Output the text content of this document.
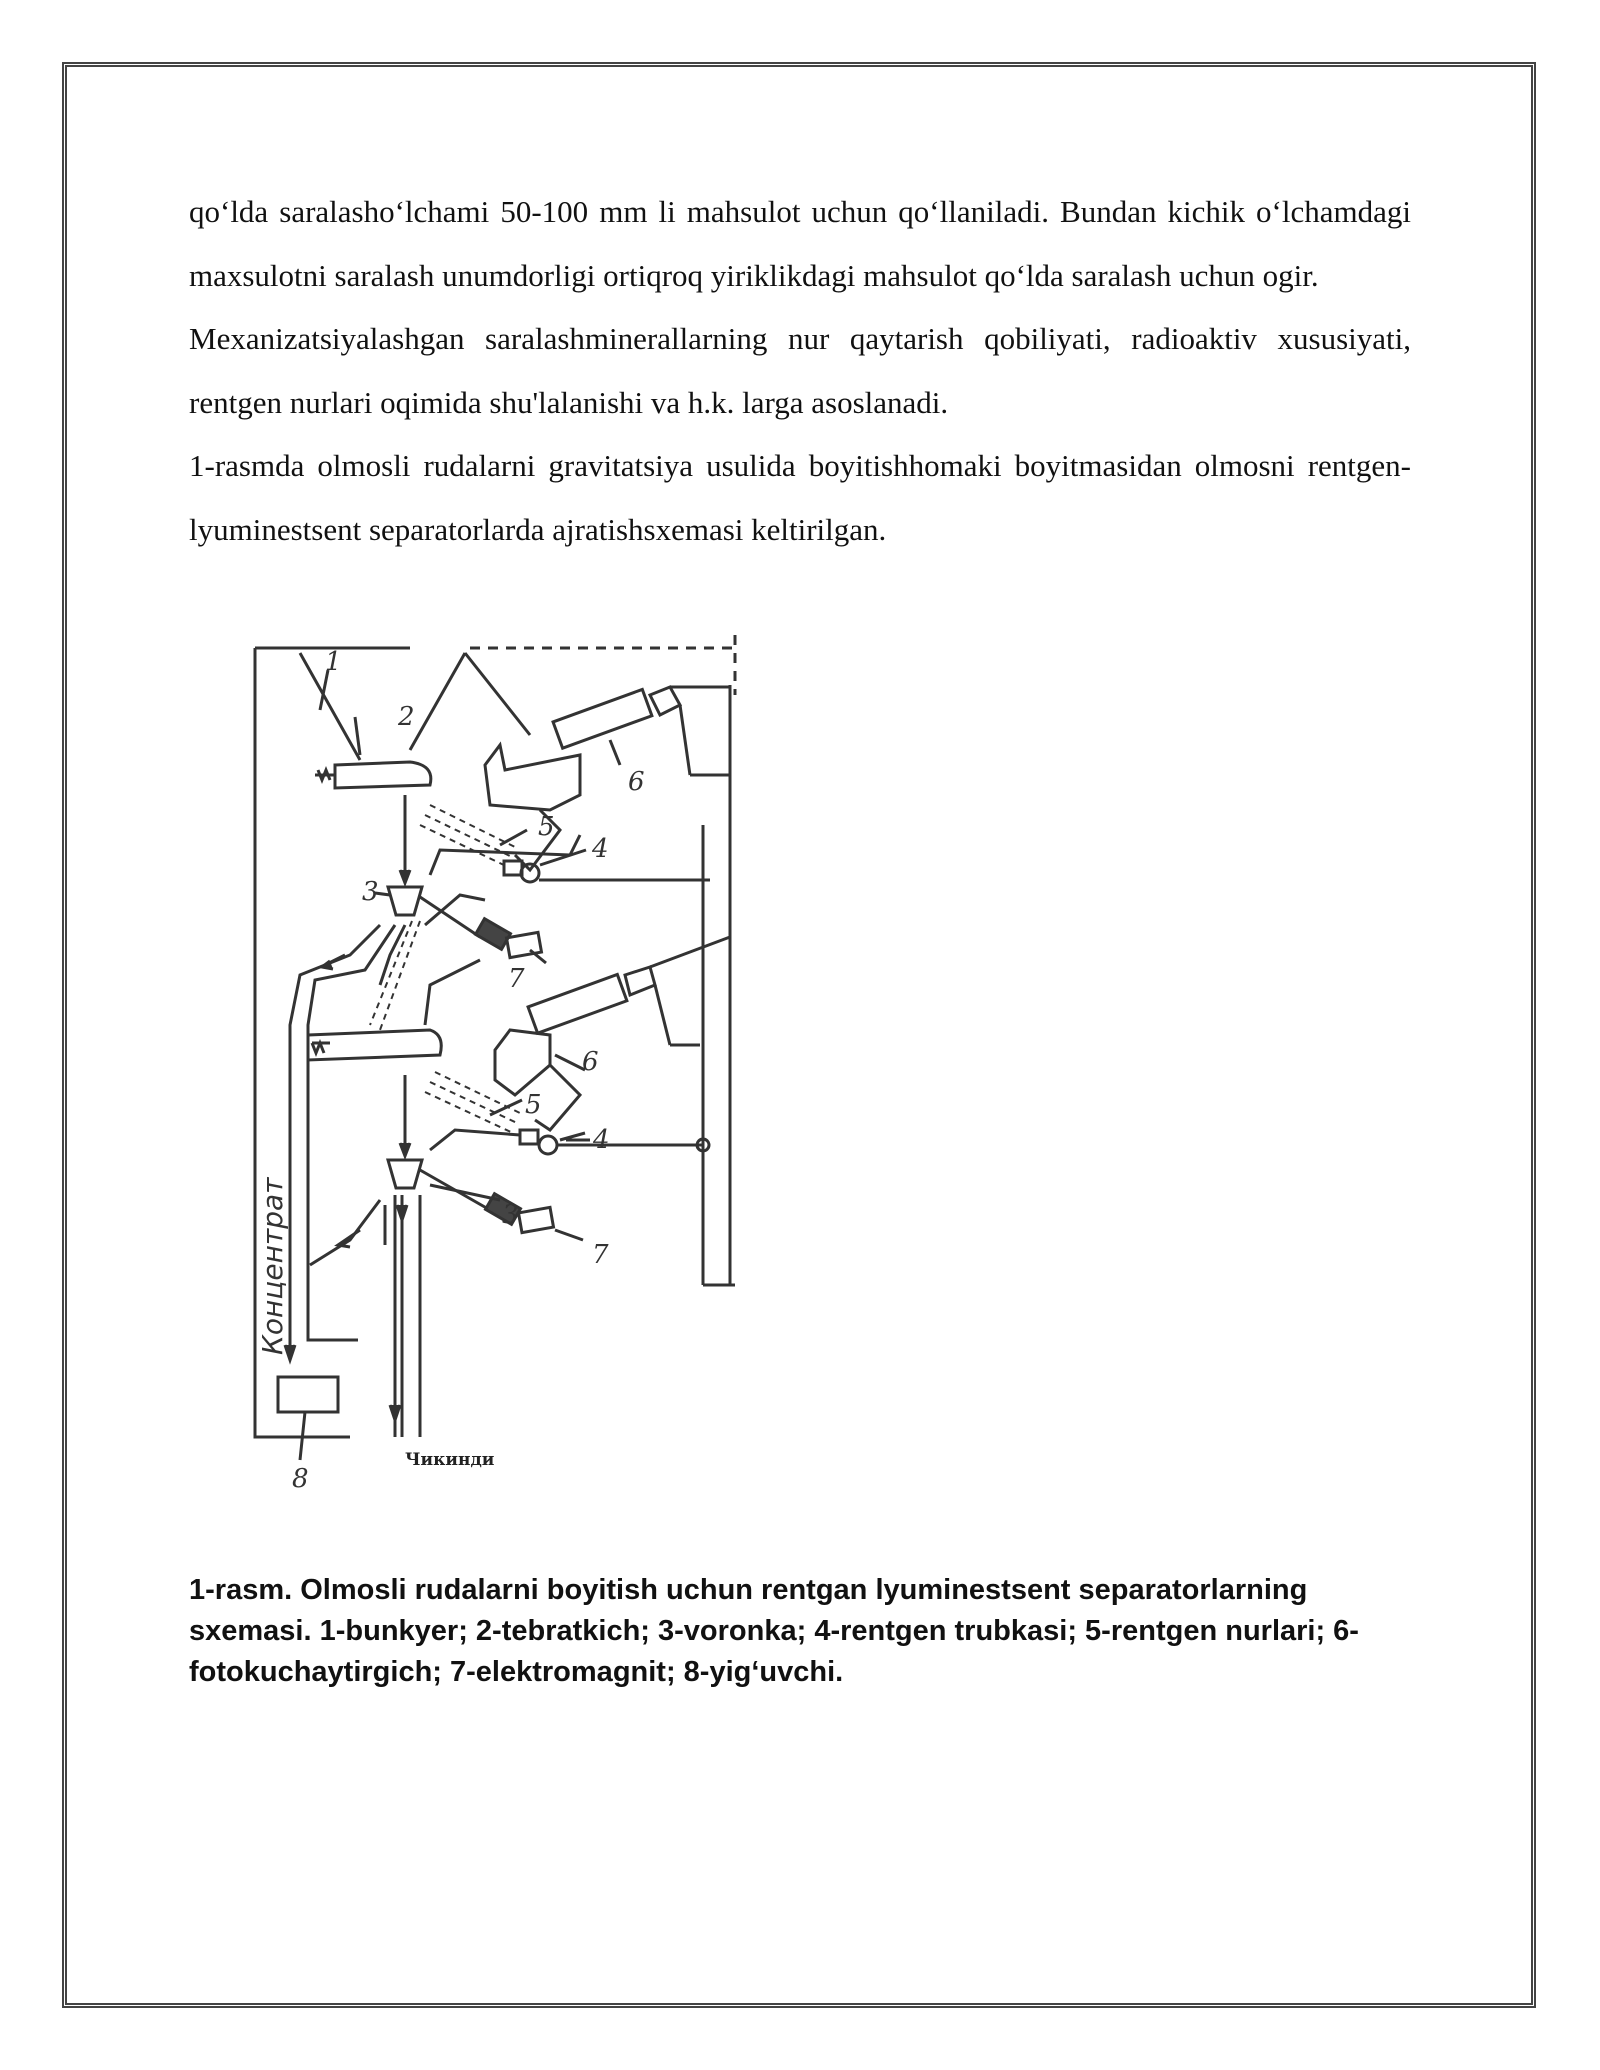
qo‘lda saralasho‘lchami 50-100 mm li mahsulot uchun qo‘llaniladi. Bundan kichik o‘lchamdagi maxsulotni saralash unumdorligi ortiqroq yiriklikdagi mahsulot qo‘lda saralash uchun ogir.

Mexanizatsiyalashgan saralashminerallarning nur qaytarish qobiliyati, radioaktiv xususiyati, rentgen nurlari oqimida shu'lalanishi va h.k. larga asoslanadi.

1-rasmda olmosli rudalarni gravitatsiya usulida boyitishhomaki boyitmasidan olmosni rentgen-lyuminestsent separatorlarda ajratishsxemasi keltirilgan.

1
2
6
5
4
3
7
6
5
4
3
7
8
Концентрат
Чикинди
1-rasm. Olmosli rudalarni boyitish uchun rentgan lyuminestsent separatorlarning sxemasi. 1-bunkyer; 2-tebratkich; 3-voronka; 4-rentgen trubkasi; 5-rentgen nurlari; 6-fotokuchaytirgich; 7-elektromagnit; 8-yig‘uvchi.
